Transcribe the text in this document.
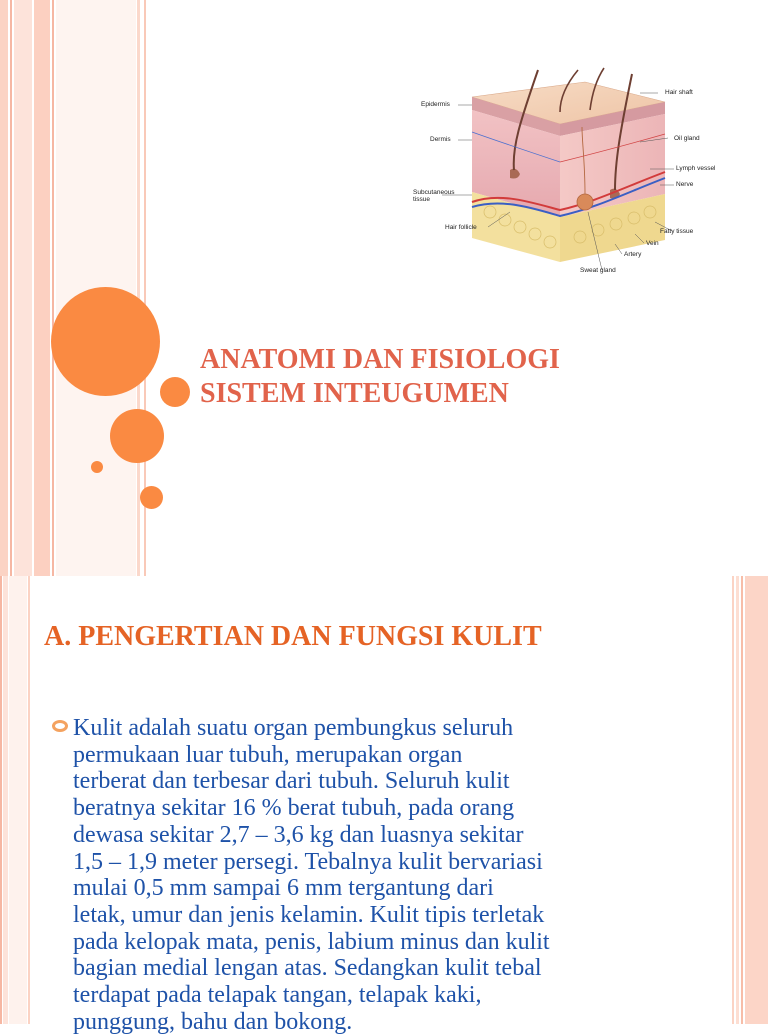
Epidermis
Dermis
Subcutaneous
tissue
Hair follicle
Hair shaft
Oil gland
Lymph vessel
Nerve
Fatty tissue
Vein
Artery
Sweat gland
ANATOMI DAN FISIOLOGI
SISTEM INTEUGUMEN
A. PENGERTIAN DAN FUNGSI KULIT
Kulit adalah suatu organ pembungkus seluruh
permukaan luar tubuh, merupakan organ
terberat dan terbesar dari tubuh. Seluruh kulit
beratnya sekitar 16 % berat tubuh, pada orang
dewasa sekitar 2,7 – 3,6 kg dan luasnya sekitar
1,5 – 1,9 meter persegi. Tebalnya kulit bervariasi
mulai 0,5 mm sampai 6 mm tergantung dari
letak, umur dan jenis kelamin. Kulit tipis terletak
pada kelopak mata, penis, labium minus dan kulit
bagian medial lengan atas. Sedangkan kulit tebal
terdapat pada telapak tangan, telapak kaki,
punggung, bahu dan bokong.
